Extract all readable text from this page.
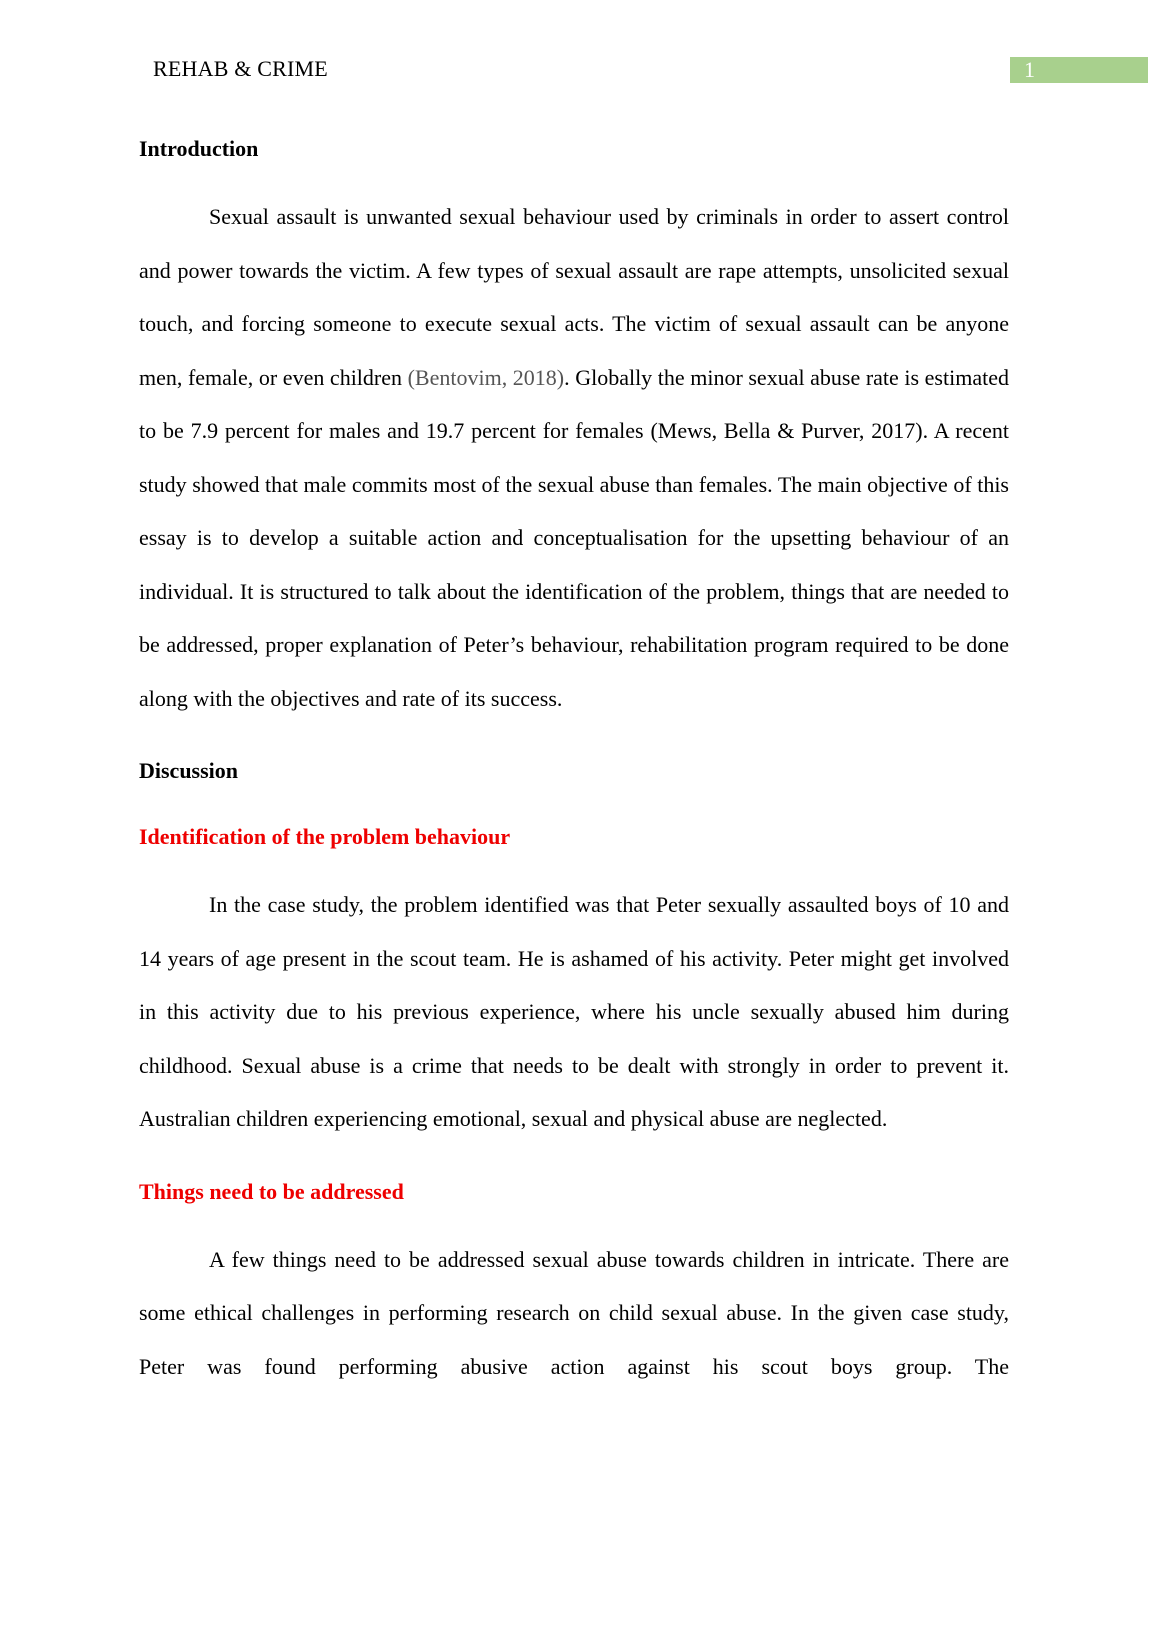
REHAB & CRIME	1
Introduction

Sexual assault is unwanted sexual behaviour used by criminals in order to assert control and power towards the victim. A few types of sexual assault are rape attempts, unsolicited sexual touch, and forcing someone to execute sexual acts. The victim of sexual assault can be anyone men, female, or even children (Bentovim, 2018). Globally the minor sexual abuse rate is estimated to be 7.9 percent for males and 19.7 percent for females (Mews, Bella & Purver, 2017). A recent study showed that male commits most of the sexual abuse than females. The main objective of this essay is to develop a suitable action and conceptualisation for the upsetting behaviour of an individual. It is structured to talk about the identification of the problem, things that are needed to be addressed, proper explanation of Peter’s behaviour, rehabilitation program required to be done along with the objectives and rate of its success.

Discussion
Identification of the problem behaviour

In the case study, the problem identified was that Peter sexually assaulted boys of 10 and 14 years of age present in the scout team. He is ashamed of his activity. Peter might get involved in this activity due to his previous experience, where his uncle sexually abused him during childhood. Sexual abuse is a crime that needs to be dealt with strongly in order to prevent it. Australian children experiencing emotional, sexual and physical abuse are neglected.

Things need to be addressed

A few things need to be addressed sexual abuse towards children in intricate. There are some ethical challenges in performing research on child sexual abuse. In the given case study, Peter was found performing abusive action against his scout boys group. The
